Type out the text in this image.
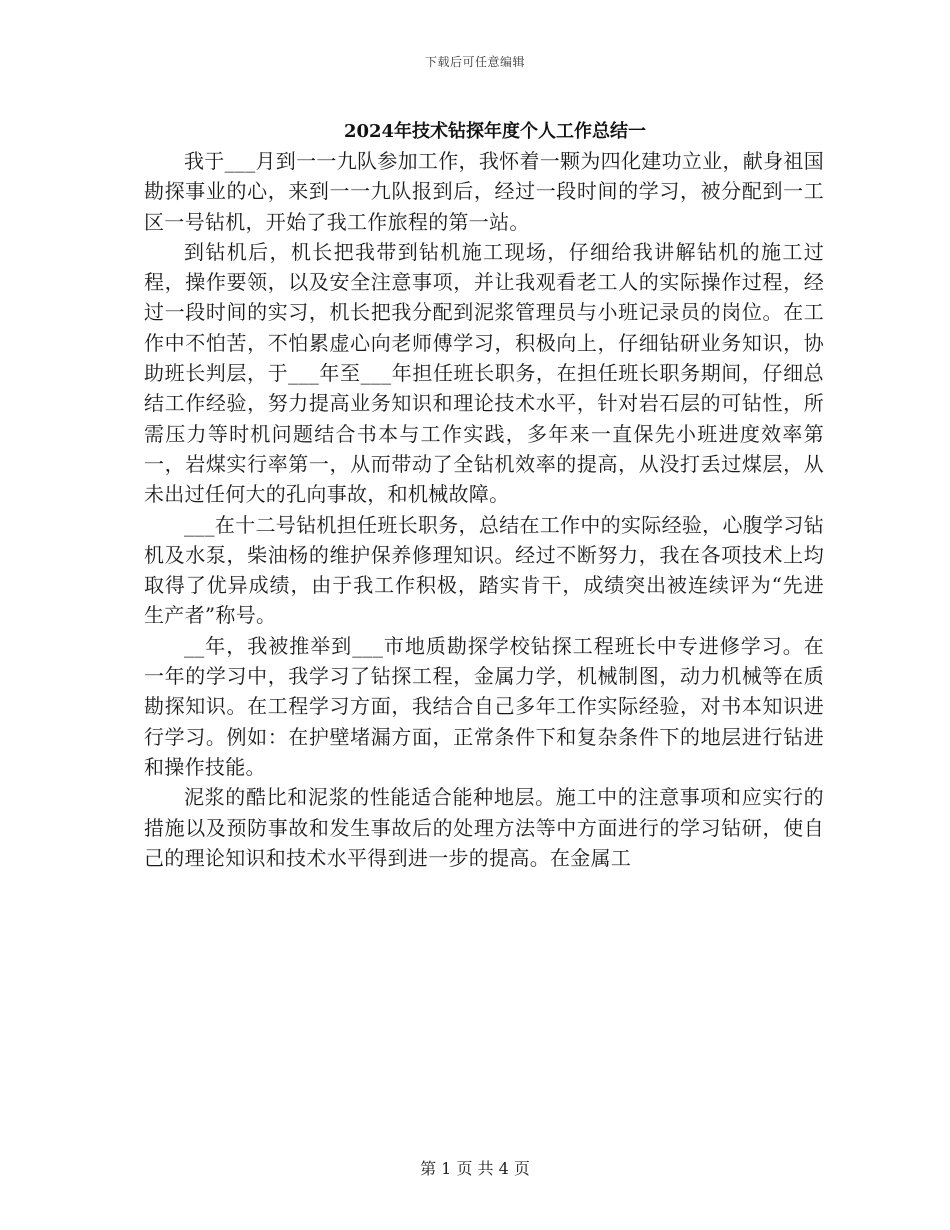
下载后可任意编辑
2024年技术钻探年度个人工作总结一

我于___月到一一九队参加工作，我怀着一颗为四化建功立业，献身祖国勘探事业的心，来到一一九队报到后，经过一段时间的学习，被分配到一工区一号钻机，开始了我工作旅程的第一站。

到钻机后，机长把我带到钻机施工现场，仔细给我讲解钻机的施工过程，操作要领，以及安全注意事项，并让我观看老工人的实际操作过程，经过一段时间的实习，机长把我分配到泥浆管理员与小班记录员的岗位。在工作中不怕苦，不怕累虚心向老师傅学习，积极向上，仔细钻研业务知识，协助班长判层，于___年至___年担任班长职务，在担任班长职务期间，仔细总结工作经验，努力提高业务知识和理论技术水平，针对岩石层的可钻性，所需压力等时机问题结合书本与工作实践，多年来一直保先小班进度效率第一，岩煤实行率第一，从而带动了全钻机效率的提高，从没打丢过煤层，从未出过任何大的孔向事故，和机械故障。

___在十二号钻机担任班长职务，总结在工作中的实际经验，心腹学习钻机及水泵，柴油杨的维护保养修理知识。经过不断努力，我在各项技术上均取得了优异成绩，由于我工作积极，踏实肯干，成绩突出被连续评为“先进生产者”称号。

__年，我被推举到___市地质勘探学校钻探工程班长中专进修学习。在一年的学习中，我学习了钻探工程，金属力学，机械制图，动力机械等在质勘探知识。在工程学习方面，我结合自己多年工作实际经验，对书本知识进行学习。例如：在护壁堵漏方面，正常条件下和复杂条件下的地层进行钻进和操作技能。

泥浆的酷比和泥浆的性能适合能种地层。施工中的注意事项和应实行的措施以及预防事故和发生事故后的处理方法等中方面进行的学习钻研，使自己的理论知识和技术水平得到进一步的提高。在金属工

第 1 页 共 4 页
